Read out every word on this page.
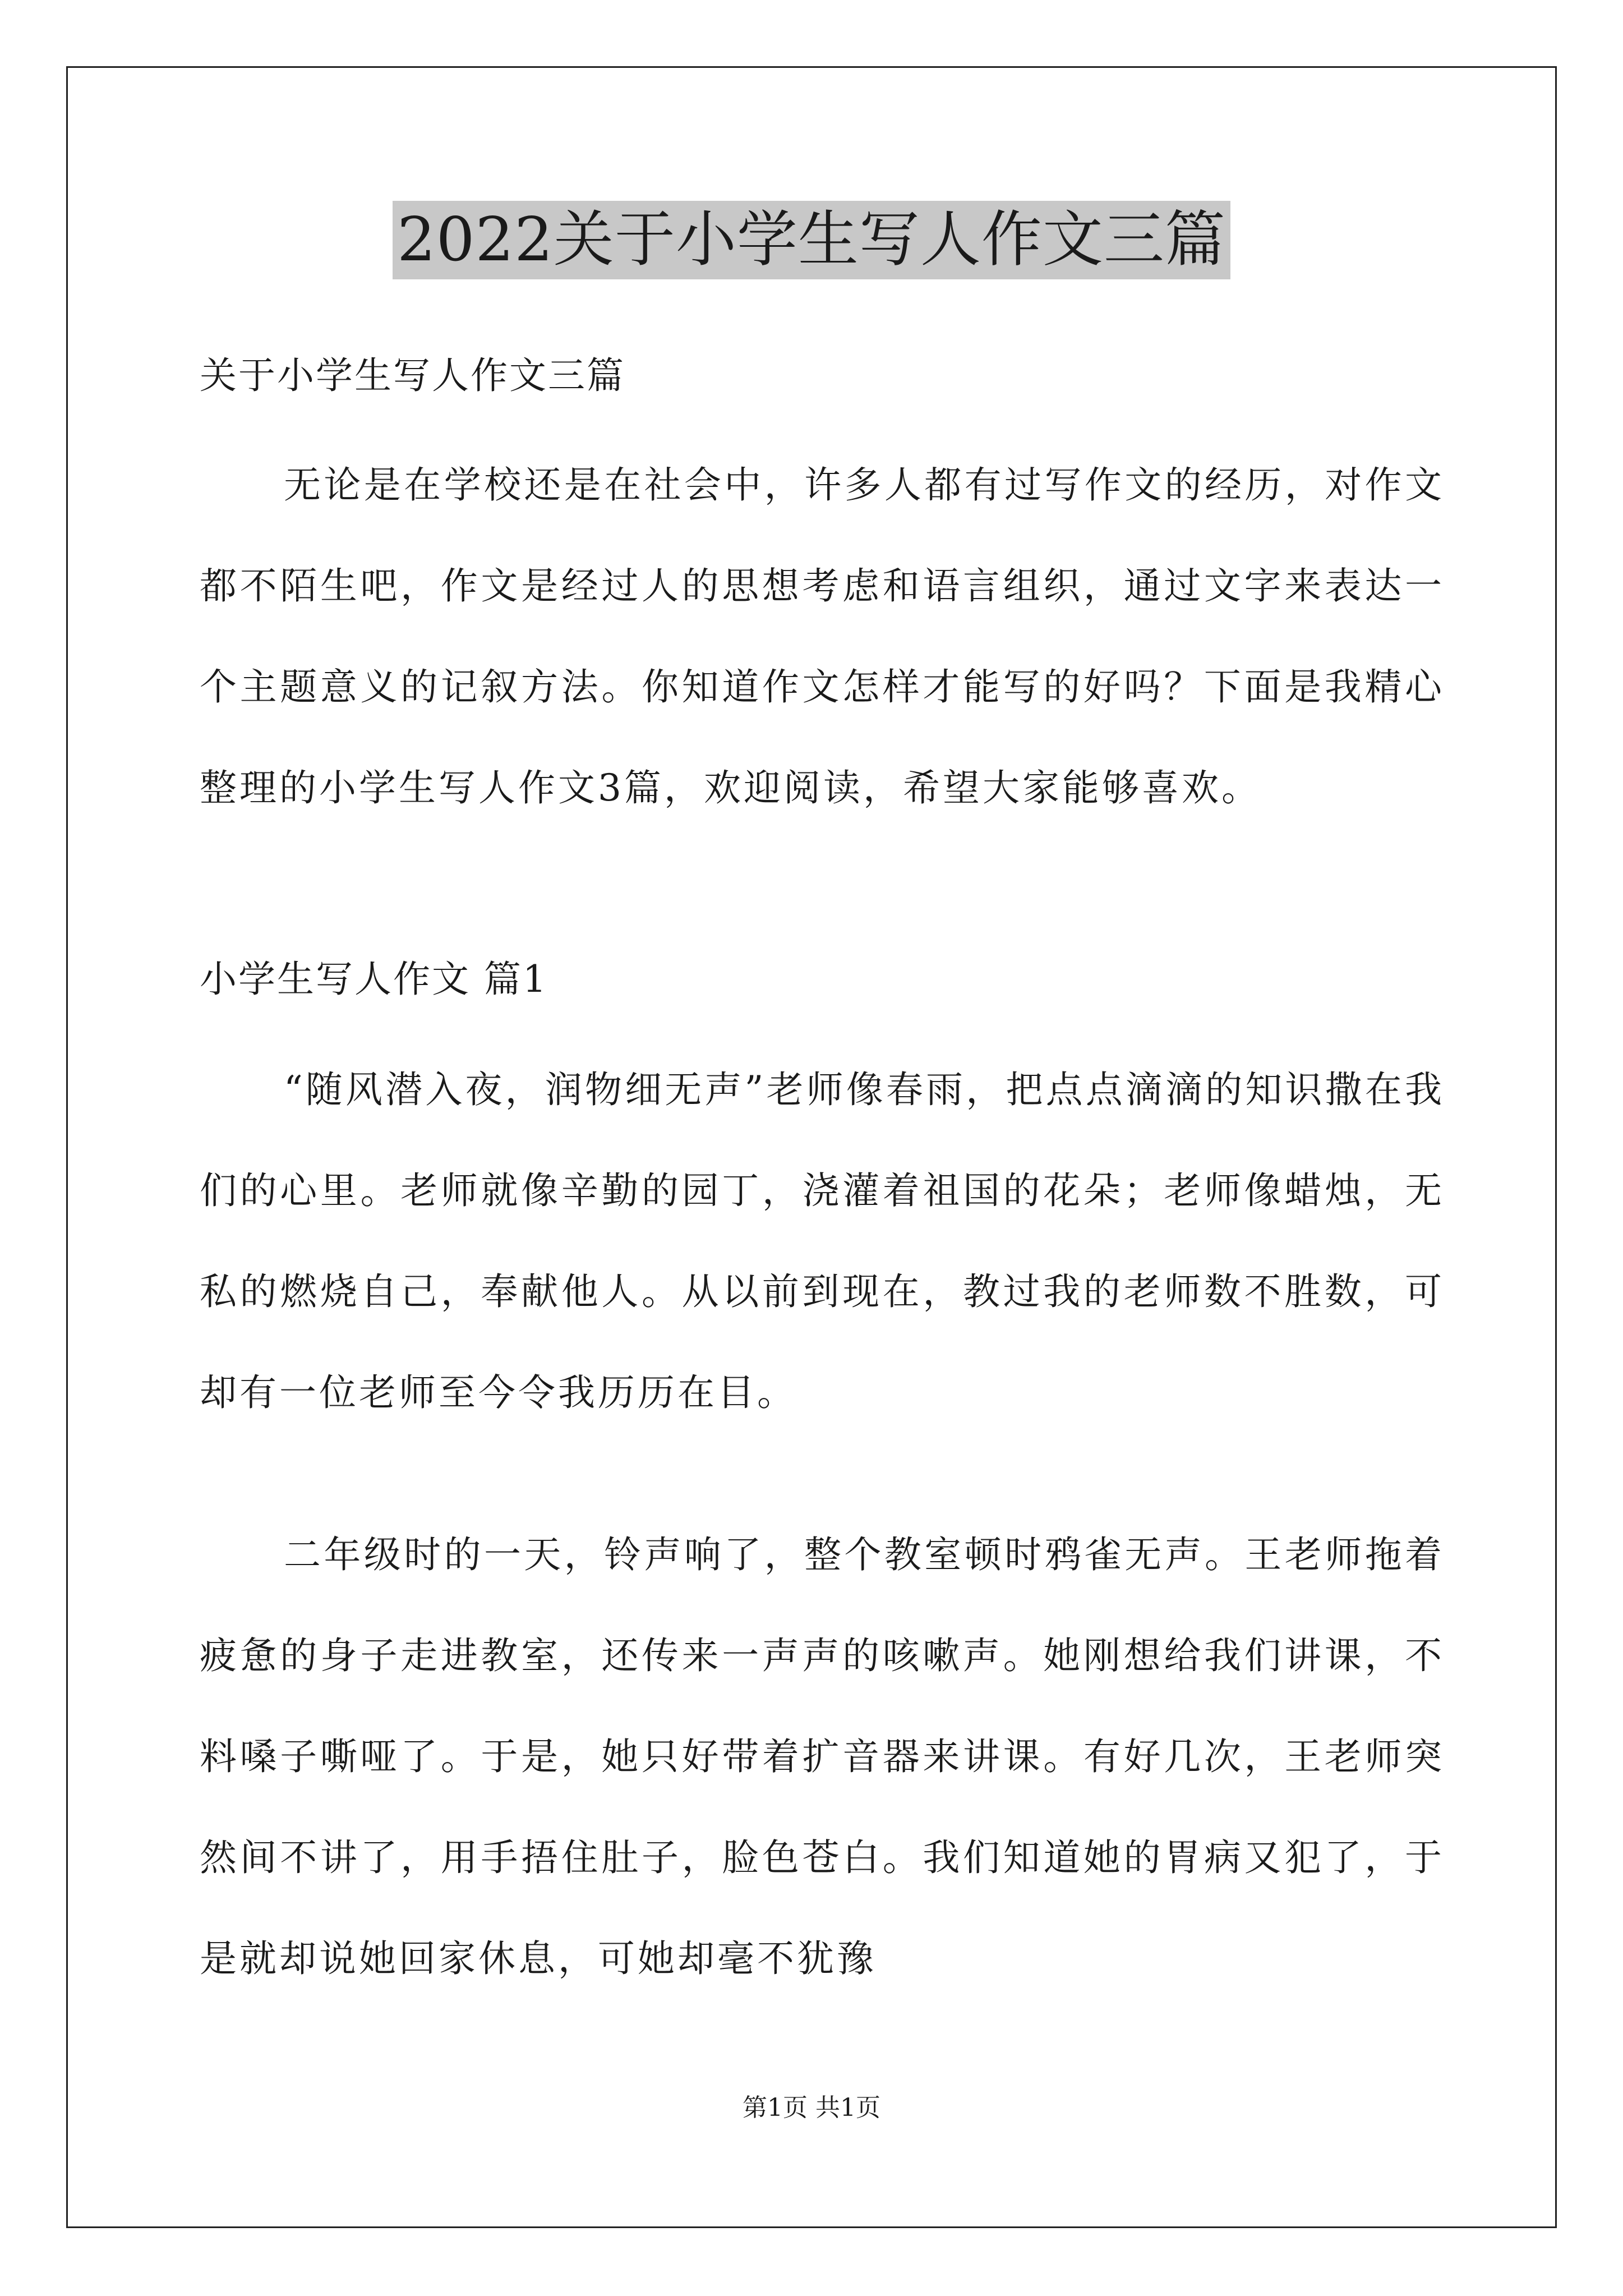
2022关于小学生写人作文三篇
关于小学生写人作文三篇
无论是在学校还是在社会中，许多人都有过写作文的经历，对作文都不陌生吧，作文是经过人的思想考虑和语言组织，通过文字来表达一个主题意义的记叙方法。你知道作文怎样才能写的好吗？下面是我精心整理的小学生写人作文3篇，欢迎阅读，希望大家能够喜欢。
小学生写人作文 篇1
“随风潜入夜，润物细无声”老师像春雨，把点点滴滴的知识撒在我们的心里。老师就像辛勤的园丁，浇灌着祖国的花朵；老师像蜡烛，无私的燃烧自己，奉献他人。从以前到现在，教过我的老师数不胜数，可却有一位老师至今令我历历在目。
二年级时的一天，铃声响了，整个教室顿时鸦雀无声。王老师拖着疲惫的身子走进教室，还传来一声声的咳嗽声。她刚想给我们讲课，不料嗓子嘶哑了。于是，她只好带着扩音器来讲课。有好几次，王老师突然间不讲了，用手捂住肚子，脸色苍白。我们知道她的胃病又犯了，于是就却说她回家休息，可她却毫不犹豫
第1页 共1页
